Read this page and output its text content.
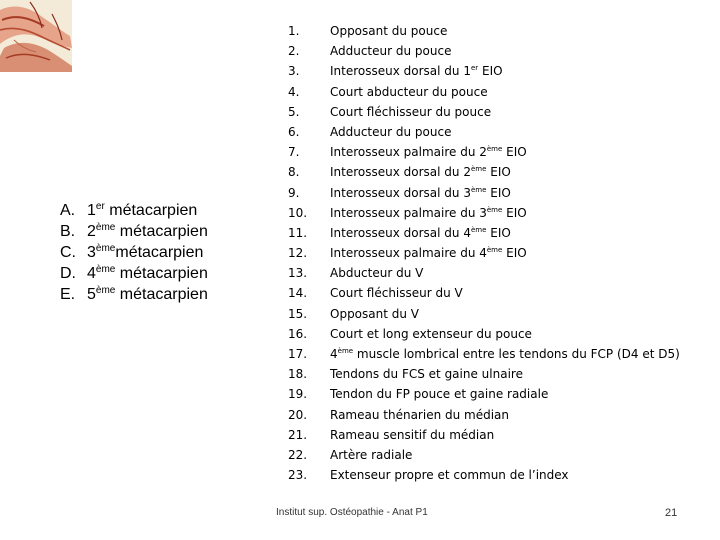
A. 1er métacarpien
B. 2ème métacarpien
C. 3èmemétacarpien
D. 4ème métacarpien
E. 5ème métacarpien
1.	Opposant du pouce
2.	Adducteur du pouce
3.	Interosseux dorsal du 1er EIO
4.	Court abducteur du pouce
5.	Court fléchisseur du pouce
6.	Adducteur du pouce
7.	Interosseux palmaire du 2ème EIO
8.	Interosseux dorsal du 2ème EIO
9.	Interosseux dorsal du 3ème EIO
10.	Interosseux palmaire du 3ème EIO
11.	Interosseux dorsal du 4ème EIO
12.	Interosseux palmaire du 4ème EIO
13.	Abducteur du V
14.	Court fléchisseur du V
15.	Opposant du V
16.	Court et long extenseur du pouce
17.	4ème muscle lombrical entre les tendons du FCP (D4 et D5)
18.	Tendons du FCS et gaine ulnaire
19.	Tendon du FP pouce et gaine radiale
20.	Rameau thénarien du médian
21.	Rameau sensitif du médian
22.	Artère radiale
23.	Extenseur propre et commun de l’index
Institut sup. Ostéopathie - Anat P1	21
